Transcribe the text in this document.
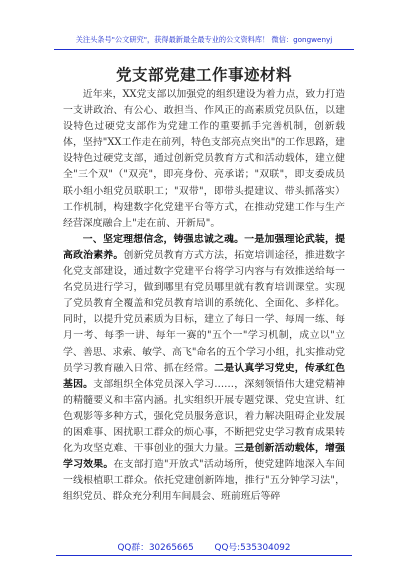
关注头条号"公文研究"，获得最新最全最专业的公文资料库！ 微信：gongwenyj
党支部党建工作事迹材料

近年来，XX党支部以加强党的组织建设为着力点，致力打造一支讲政治、有公心、敢担当、作风正的高素质党员队伍，以建设特色过硬党支部作为党建工作的重要抓手完善机制，创新载体，坚持"XX工作走在前列，特色支部亮点突出"的工作思路，建设特色过硬党支部，通过创新党员教育方式和活动载体，建立健全"三个双"（"双亮"，即亮身份、亮承诺；"双联"，即支委成员联小组小组党员联职工；"双带"，即带头提建议、带头抓落实）工作机制，构建数字化党建平台等方式，在推动党建工作与生产经营深度融合上"走在前、开新局"。

一、坚定理想信念，铸强忠诚之魂。一是加强理论武装，提高政治素养。创新党员教育方式方法，拓宽培训途径，推进数字化党支部建设，通过数字党建平台将学习内容与有效推送给每一名党员进行学习，做到哪里有党员哪里就有教育培训课堂。实现了党员教育全覆盖和党员教育培训的系统化、全面化、多样化。同时，以提升党员素质为目标，建立了每日一学、每周一练、每月一考、每季一讲、每年一赛的"五个一"学习机制，成立以"立学、善思、求索、敏学、高飞"命名的五个学习小组，扎实推动党员学习教育融入日常、抓在经常。二是认真学习党史，传承红色基因。支部组织全体党员深入学习……，深刻领悟伟大建党精神的精髓要义和丰富内涵。扎实组织开展专题党课、党史宣讲、红色观影等多种方式，强化党员服务意识，着力解决阻碍企业发展的困难事、困扰职工群众的烦心事，不断把党史学习教育成果转化为攻坚克难、干事创业的强大力量。三是创新活动载体，增强学习效果。在支部打造"开放式"活动场所，使党建阵地深入车间一线根植职工群众。依托党建创新阵地，推行"五分钟学习法"，组织党员、群众充分利用车间晨会、班前班后等碎

QQ群：30265665 QQ号:535304092
